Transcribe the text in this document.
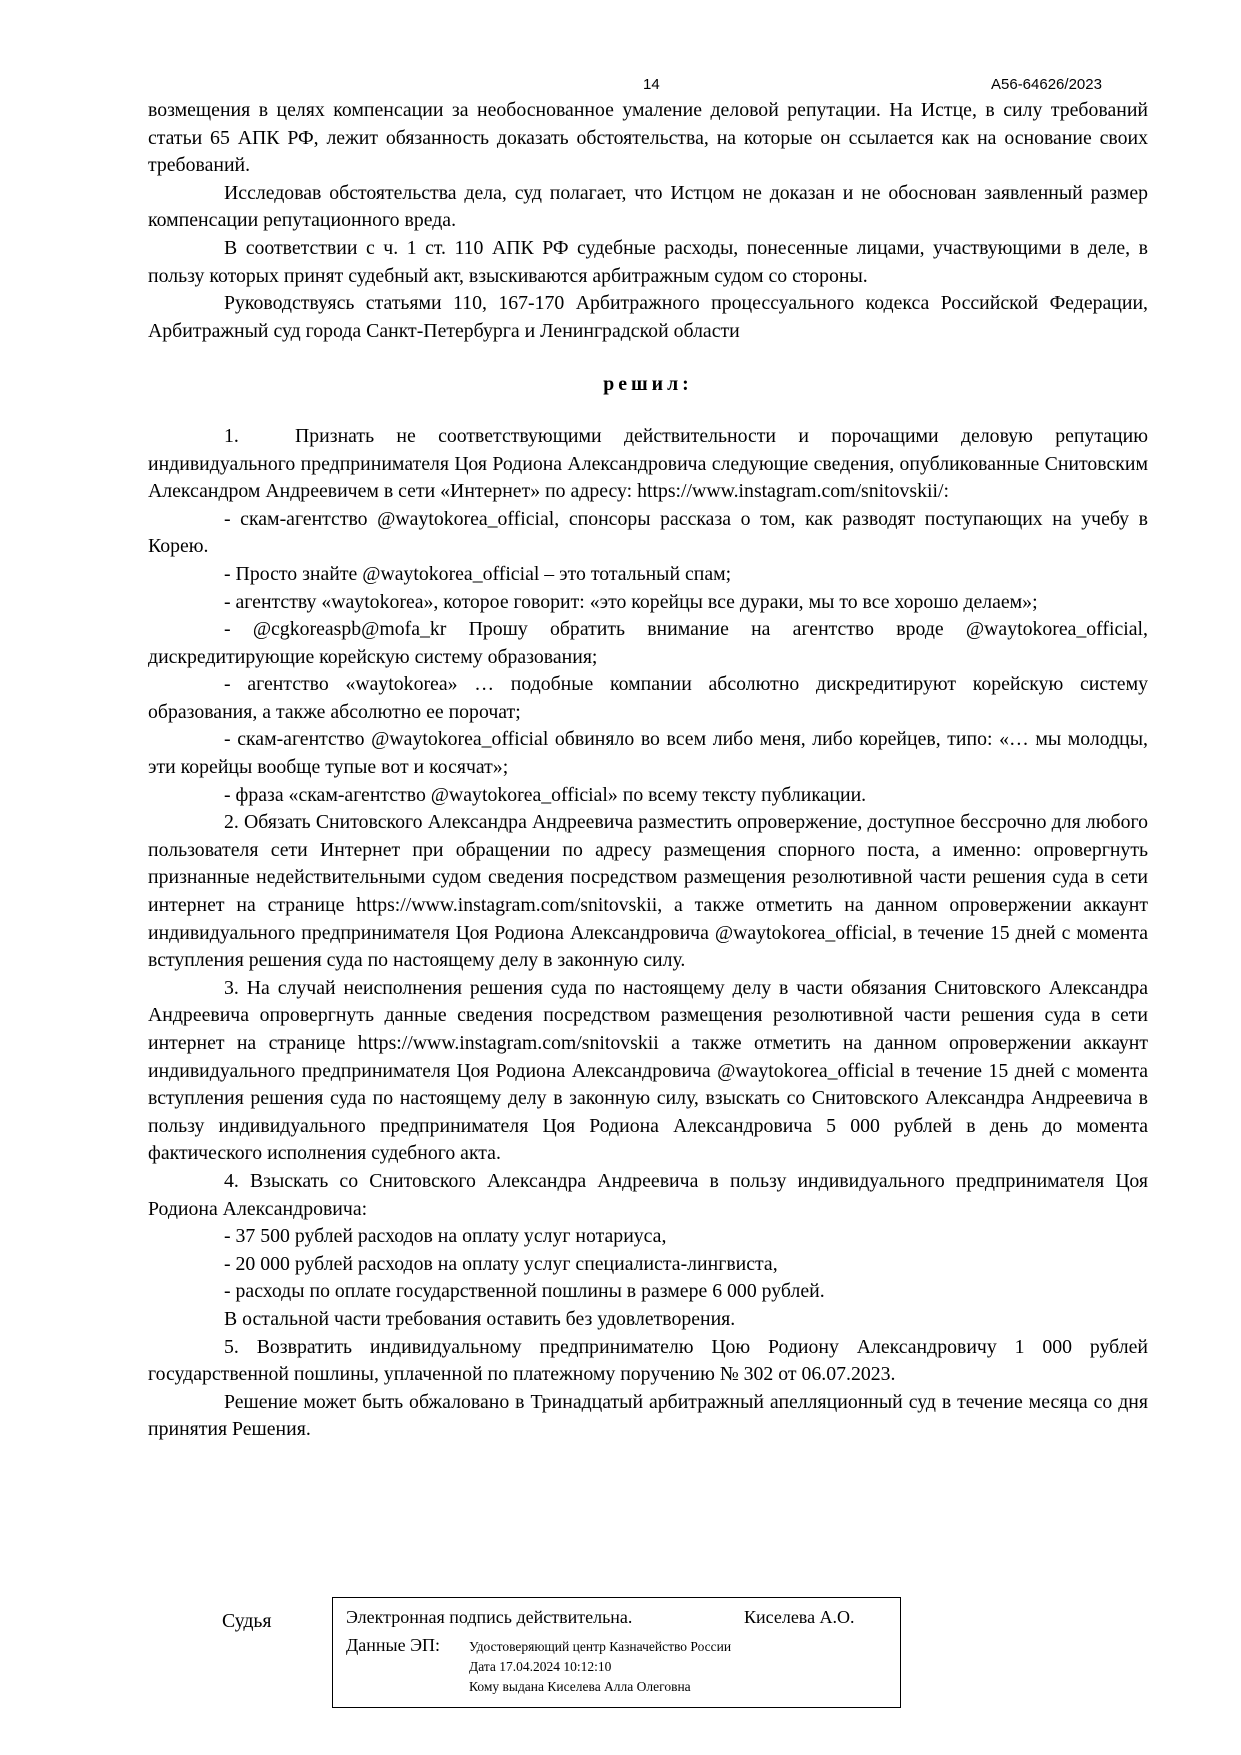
14	А56-64626/2023

возмещения в целях компенсации за необоснованное умаление деловой репутации. На Истце, в силу требований статьи 65 АПК РФ, лежит обязанность доказать обстоятельства, на которые он ссылается как на основание своих требований.

Исследовав обстоятельства дела, суд полагает, что Истцом не доказан и не обоснован заявленный размер компенсации репутационного вреда.

В соответствии с ч. 1 ст. 110 АПК РФ судебные расходы, понесенные лицами, участвующими в деле, в пользу которых принят судебный акт, взыскиваются арбитражным судом со стороны.

Руководствуясь статьями 110, 167-170 Арбитражного процессуального кодекса Российской Федерации, Арбитражный суд города Санкт-Петербурга и Ленинградской области

решил:

1.	Признать не соответствующими действительности и порочащими деловую репутацию индивидуального предпринимателя Цоя Родиона Александровича следующие сведения, опубликованные Снитовским Александром Андреевичем в сети «Интернет» по адресу: https://www.instagram.com/snitovskii/:

- скам-агентство @waytokorea_official, спонсоры рассказа о том, как разводят поступающих на учебу в Корею.

- Просто знайте @waytokorea_official – это тотальный спам;

- агентству «waytokorea», которое говорит: «это корейцы все дураки, мы то все хорошо делаем»;

- @cgkoreaspb@mofa_kr Прошу обратить внимание на агентство вроде @waytokorea_official, дискредитирующие корейскую систему образования;

- агентство «waytokorea» … подобные компании абсолютно дискредитируют корейскую систему образования, а также абсолютно ее порочат;

- скам-агентство @waytokorea_official обвиняло во всем либо меня, либо корейцев, типо: «… мы молодцы, эти корейцы вообще тупые вот и косячат»;

- фраза «скам-агентство @waytokorea_official» по всему тексту публикации.

2. Обязать Снитовского Александра Андреевича разместить опровержение, доступное бессрочно для любого пользователя сети Интернет при обращении по адресу размещения спорного поста, а именно: опровергнуть признанные недействительными судом сведения посредством размещения резолютивной части решения суда в сети интернет на странице https://www.instagram.com/snitovskii, а также отметить на данном опровержении аккаунт индивидуального предпринимателя Цоя Родиона Александровича @waytokorea_official, в течение 15 дней с момента вступления решения суда по настоящему делу в законную силу.

3. На случай неисполнения решения суда по настоящему делу в части обязания Снитовского Александра Андреевича опровергнуть данные сведения посредством размещения резолютивной части решения суда в сети интернет на странице https://www.instagram.com/snitovskii а также отметить на данном опровержении аккаунт индивидуального предпринимателя Цоя Родиона Александровича @waytokorea_official в течение 15 дней с момента вступления решения суда по настоящему делу в законную силу, взыскать со Снитовского Александра Андреевича в пользу индивидуального предпринимателя Цоя Родиона Александровича 5 000 рублей в день до момента фактического исполнения судебного акта.

4. Взыскать со Снитовского Александра Андреевича в пользу индивидуального предпринимателя Цоя Родиона Александровича:

- 37 500 рублей расходов на оплату услуг нотариуса,

- 20 000 рублей расходов на оплату услуг специалиста-лингвиста,

- расходы по оплате государственной пошлины в размере 6 000 рублей.

В остальной части требования оставить без удовлетворения.

5. Возвратить индивидуальному предпринимателю Цою Родиону Александровичу 1 000 рублей государственной пошлины, уплаченной по платежному поручению № 302 от 06.07.2023.

Решение может быть обжаловано в Тринадцатый арбитражный апелляционный суд в течение месяца со дня принятия Решения.

Судья	Электронная подпись действительна.	Киселева А.О.
Данные ЭП: Удостоверяющий центр Казначейство России
Дата 17.04.2024 10:12:10
Кому выдана Киселева Алла Олеговна
